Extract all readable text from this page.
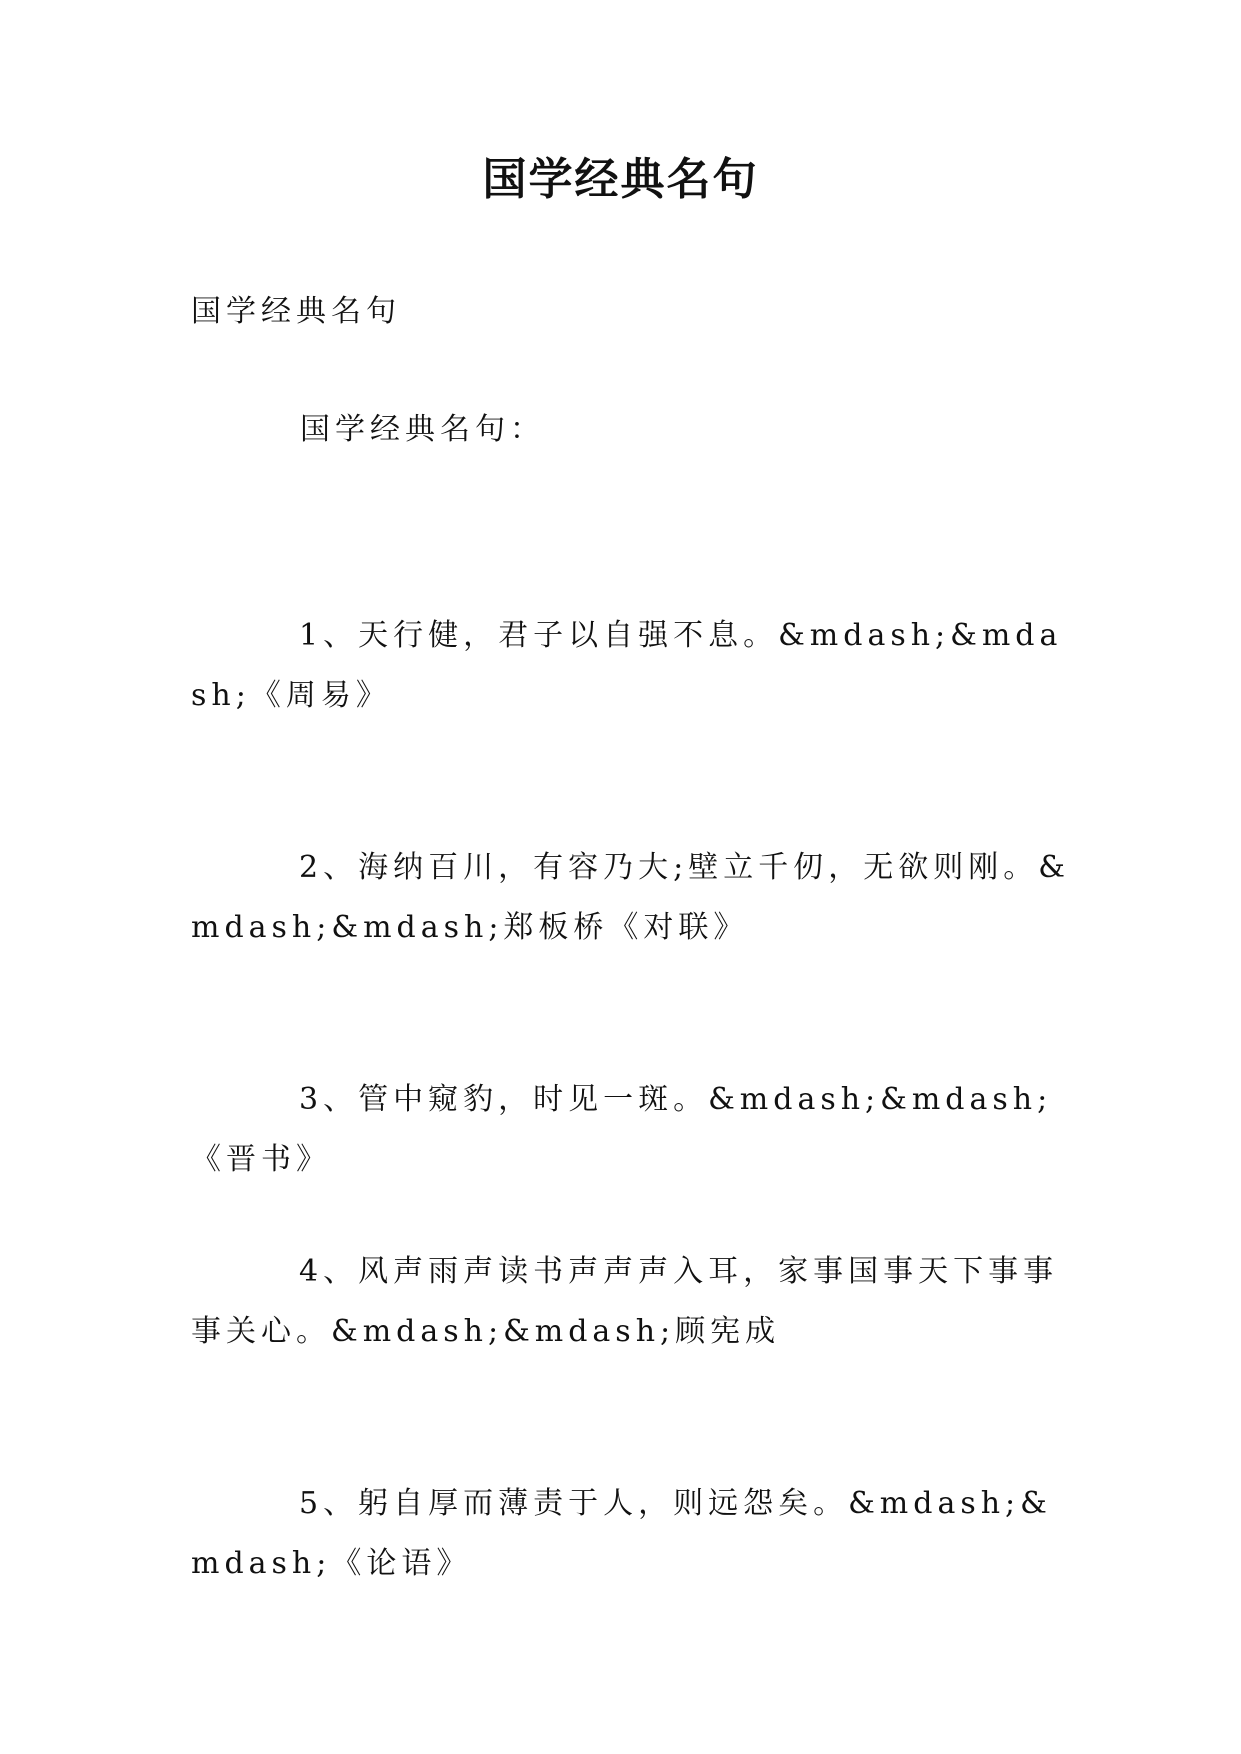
国学经典名句
国学经典名句
国学经典名句：

1、天行健，君子以自强不息。&mdash;&mdash;《周易》

2、海纳百川，有容乃大;壁立千仞，无欲则刚。&mdash;&mdash;郑板桥《对联》

3、管中窥豹，时见一斑。&mdash;&mdash;《晋书》

4、风声雨声读书声声声入耳，家事国事天下事事事关心。&mdash;&mdash;顾宪成

5、躬自厚而薄责于人，则远怨矣。&mdash;&mdash;《论语》
